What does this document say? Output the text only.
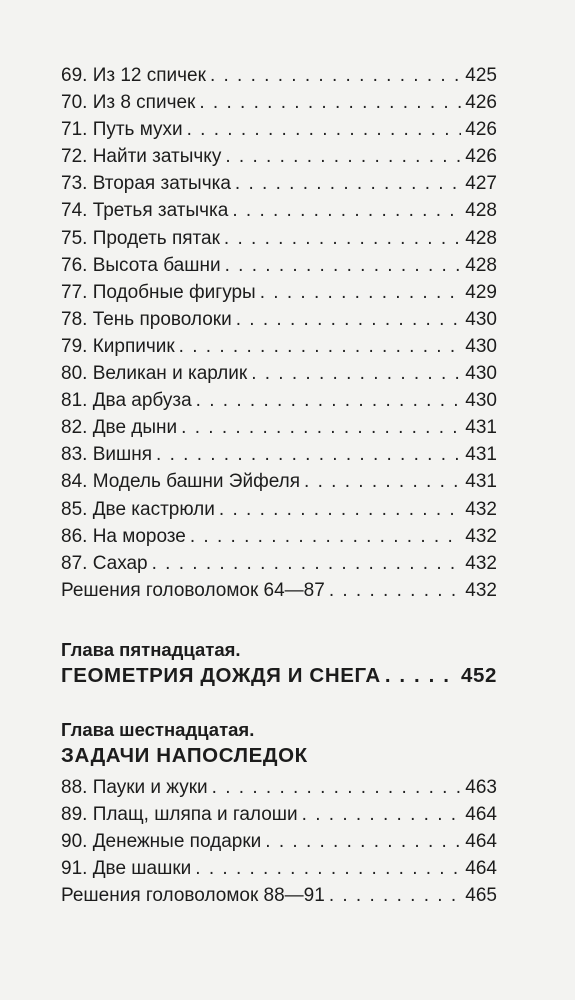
69. Из 12 спичек . . .	425
70. Из 8 спичек . . .	426
71. Путь мухи . . .	426
72. Найти затычку . . .	426
73. Вторая затычка . . .	427
74. Третья затычка . . .	428
75. Продеть пятак . . .	428
76. Высота башни . . .	428
77. Подобные фигуры . . .	429
78. Тень проволоки . . .	430
79. Кирпичик . . .	430
80. Великан и карлик . . .	430
81. Два арбуза . . .	430
82. Две дыни . . .	431
83. Вишня . . .	431
84. Модель башни Эйфеля . . .	431
85. Две кастрюли . . .	432
86. На морозе . . .	432
87. Сахар . . .	432
Решения головоломок 64—87 . . .	432
Глава пятнадцатая.
ГЕОМЕТРИЯ ДОЖДЯ И СНЕГА . . .	452
Глава шестнадцатая.
ЗАДАЧИ НАПОСЛЕДОК
88. Пауки и жуки . . .	463
89. Плащ, шляпа и галоши . . .	464
90. Денежные подарки . . .	464
91. Две шашки . . .	464
Решения головоломок 88—91 . . .	465
